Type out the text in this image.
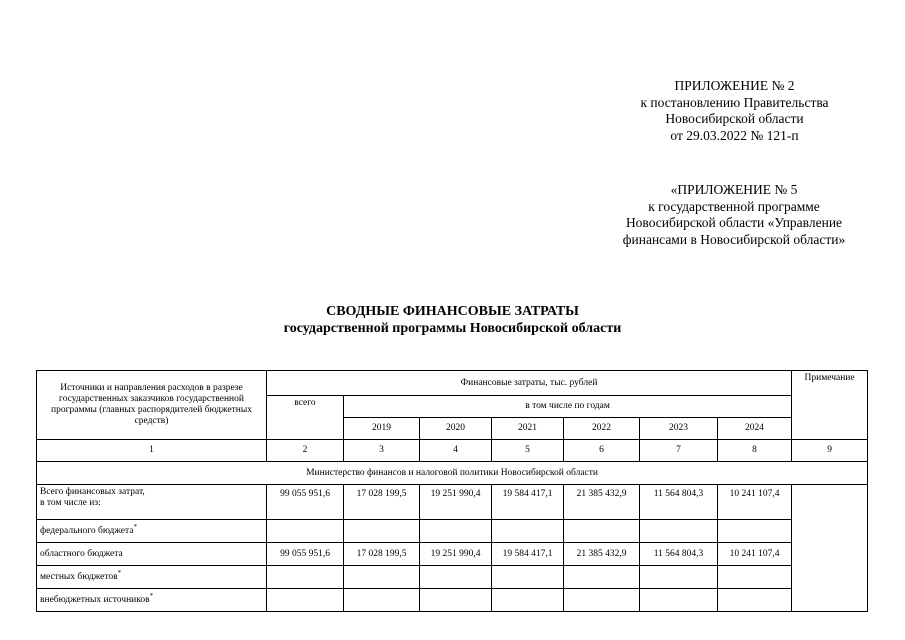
ПРИЛОЖЕНИЕ № 2
к постановлению Правительства
Новосибирской области
от 29.03.2022 № 121-п
«ПРИЛОЖЕНИЕ № 5
к государственной программе
Новосибирской области «Управление
финансами в Новосибирской области»
СВОДНЫЕ ФИНАНСОВЫЕ ЗАТРАТЫ
государственной программы Новосибирской области
Источники и направления расходов в разрезе государственных заказчиков государственной программы (главных распорядителей бюджетных средств)	Финансовые затраты, тыс. рублей							Примечание
	всего	в том числе по годам						
		2019	2020	2021	2022	2023	2024	
1	2	3	4	5	6	7	8	9
Министерство финансов и налоговой политики Новосибирской области								
Всего финансовых затрат,
в том числе из:	99 055 951,6	17 028 199,5	19 251 990,4	19 584 417,1	21 385 432,9	11 564 804,3	10 241 107,4	
федерального бюджета*							
областного бюджета	99 055 951,6	17 028 199,5	19 251 990,4	19 584 417,1	21 385 432,9	11 564 804,3	10 241 107,4	
местных бюджетов*							
внебюджетных источников*							
